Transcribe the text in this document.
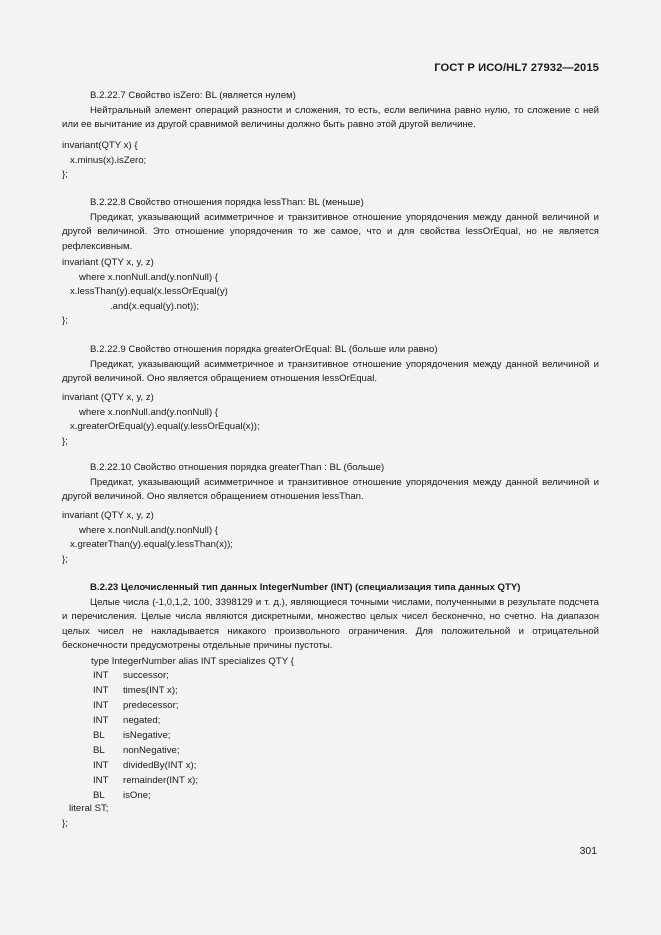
ГОСТ Р ИСО/HL7 27932—2015

B.2.22.7 Свойство isZero: BL (является нулем)

Нейтральный элемент операций разности и сложения, то есть, если величина равно нулю, то сложение с ней или ее вычитание из другой сравнимой величины должно быть равно этой другой величине.

invariant(QTY x) {

x.minus(x).isZero;

};

B.2.22.8 Свойство отношения порядка lessThan: BL (меньше)

Предикат, указывающий асимметричное и транзитивное отношение упорядочения между данной величиной и другой величиной. Это отношение упорядочения то же самое, что и для свойства lessOrEqual, но не является рефлексивным.

invariant (QTY x, y, z)

where x.nonNull.and(y.nonNull) {

x.lessThan(y).equal(x.lessOrEqual(y)

.and(x.equal(y).not));

};

B.2.22.9 Свойство отношения порядка greaterOrEqual: BL (больше или равно)

Предикат, указывающий асимметричное и транзитивное отношение упорядочения между данной величиной и другой величиной. Оно является обращением отношения lessOrEqual.

invariant (QTY x, y, z)

where x.nonNull.and(y.nonNull) {

x.greaterOrEqual(y).equal(y.lessOrEqual(x));

};

B.2.22.10 Свойство отношения порядка greaterThan : BL (больше)

Предикат, указывающий асимметричное и транзитивное отношение упорядочения между данной величиной и другой величиной. Оно является обращением отношения lessThan.

invariant (QTY x, y, z)

where x.nonNull.and(y.nonNull) {

x.greaterThan(y).equal(y.lessThan(x));

};

B.2.23 Целочисленный тип данных IntegerNumber (INT) (специализация типа данных QTY)

Целые числа (-1,0,1,2, 100, 3398129 и т. д.), являющиеся точными числами, полученными в результате подсчета и перечисления. Целые числа являются дискретными, множество целых чисел бесконечно, но счетно. На диапазон целых чисел не накладывается никакого произвольного ограничения. Для положительной и отрицательной бесконечности предусмотрены отдельные причины пустоты.

type IntegerNumber alias INT specializes QTY {
INT	successor;
INT	times(INT x);
INT	predecessor;
INT	negated;
BL	isNegative;
BL	nonNegative;
INT	dividedBy(INT x);
INT	remainder(INT x);
BL	isOne;
literal ST;
};
301
